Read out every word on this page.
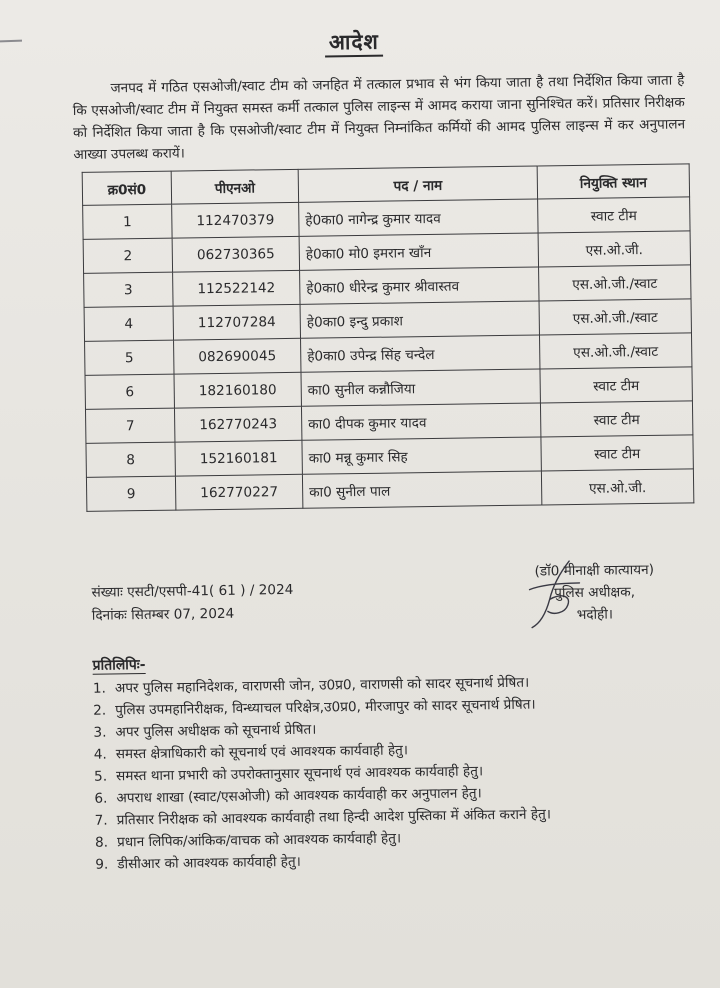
आदेश
जनपद में गठित एसओजी/स्वाट टीम को जनहित में तत्काल प्रभाव से भंग किया जाता है तथा निर्देशित किया जाता है कि एसओजी/स्वाट टीम में नियुक्त समस्त कर्मी तत्काल पुलिस लाइन्स में आमद कराया जाना सुनिश्चित करें। प्रतिसार निरीक्षक को निर्देशित किया जाता है कि एसओजी/स्वाट टीम में नियुक्त निम्नांकित कर्मियों की आमद पुलिस लाइन्स में कर अनुपालन आख्या उपलब्ध करायें।
क्र0सं0	पीएनओ	पद / नाम	नियुक्ति स्थान
1	112470379	हे0का0 नागेन्द्र कुमार यादव	स्वाट टीम
2	062730365	हे0का0 मो0 इमरान खाँन	एस.ओ.जी.
3	112522142	हे0का0 धीरेन्द्र कुमार श्रीवास्तव	एस.ओ.जी./स्वाट
4	112707284	हे0का0 इन्दु प्रकाश	एस.ओ.जी./स्वाट
5	082690045	हे0का0 उपेन्द्र सिंह चन्देल	एस.ओ.जी./स्वाट
6	182160180	का0 सुनील कन्नौजिया	स्वाट टीम
7	162770243	का0 दीपक कुमार यादव	स्वाट टीम
8	152160181	का0 मन्नू कुमार सिह	स्वाट टीम
9	162770227	का0 सुनील पाल	एस.ओ.जी.
संख्याः एसटी/एसपी-41( 61 ) / 2024
दिनांकः सितम्बर 07, 2024
(डॉ0 मीनाक्षी कात्यायन)
पुलिस अधीक्षक,
भदोही।
प्रतिलिपिः-
1. अपर पुलिस महानिदेशक, वाराणसी जोन, उ0प्र0, वाराणसी को सादर सूचनार्थ प्रेषित।
2. पुलिस उपमहानिरीक्षक, विन्ध्याचल परिक्षेत्र,उ0प्र0, मीरजापुर को सादर सूचनार्थ प्रेषित।
3. अपर पुलिस अधीक्षक को सूचनार्थ प्रेषित।
4. समस्त क्षेत्राधिकारी को सूचनार्थ एवं आवश्यक कार्यवाही हेतु।
5. समस्त थाना प्रभारी को उपरोक्तानुसार सूचनार्थ एवं आवश्यक कार्यवाही हेतु।
6. अपराध शाखा (स्वाट/एसओजी) को आवश्यक कार्यवाही कर अनुपालन हेतु।
7. प्रतिसार निरीक्षक को आवश्यक कार्यवाही तथा हिन्दी आदेश पुस्तिका में अंकित कराने हेतु।
8. प्रधान लिपिक/आंकिक/वाचक को आवश्यक कार्यवाही हेतु।
9. डीसीआर को आवश्यक कार्यवाही हेतु।
